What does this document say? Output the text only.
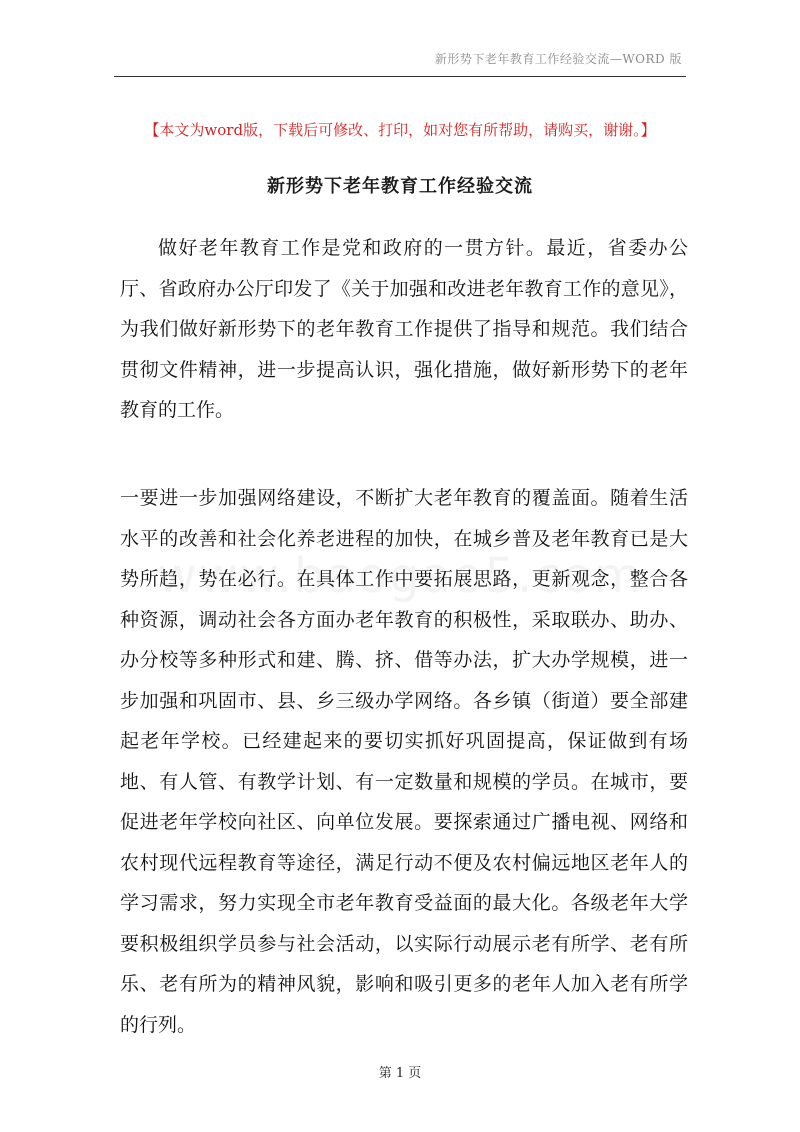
新形势下老年教育工作经验交流—WORD 版
【本文为word版，下载后可修改、打印，如对您有所帮助，请购买，谢谢。】
新形势下老年教育工作经验交流
做好老年教育工作是党和政府的一贯方针。最近，省委办公厅、省政府办公厅印发了《关于加强和改进老年教育工作的意见》，为我们做好新形势下的老年教育工作提供了指导和规范。我们结合贯彻文件精神，进一步提高认识，强化措施，做好新形势下的老年教育的工作。
一要进一步加强网络建设，不断扩大老年教育的覆盖面。随着生活水平的改善和社会化养老进程的加快，在城乡普及老年教育已是大势所趋，势在必行。在具体工作中要拓展思路，更新观念，整合各种资源，调动社会各方面办老年教育的积极性，采取联办、助办、办分校等多种形式和建、腾、挤、借等办法，扩大办学规模，进一步加强和巩固市、县、乡三级办学网络。各乡镇（街道）要全部建起老年学校。已经建起来的要切实抓好巩固提高，保证做到有场地、有人管、有教学计划、有一定数量和规模的学员。在城市，要促进老年学校向社区、向单位发展。要探索通过广播电视、网络和农村现代远程教育等途径，满足行动不便及农村偏远地区老年人的学习需求，努力实现全市老年教育受益面的最大化。各级老年大学要积极组织学员参与社会活动，以实际行动展示老有所学、老有所乐、老有所为的精神风貌，影响和吸引更多的老年人加入老有所学的行列。
第 1 页
